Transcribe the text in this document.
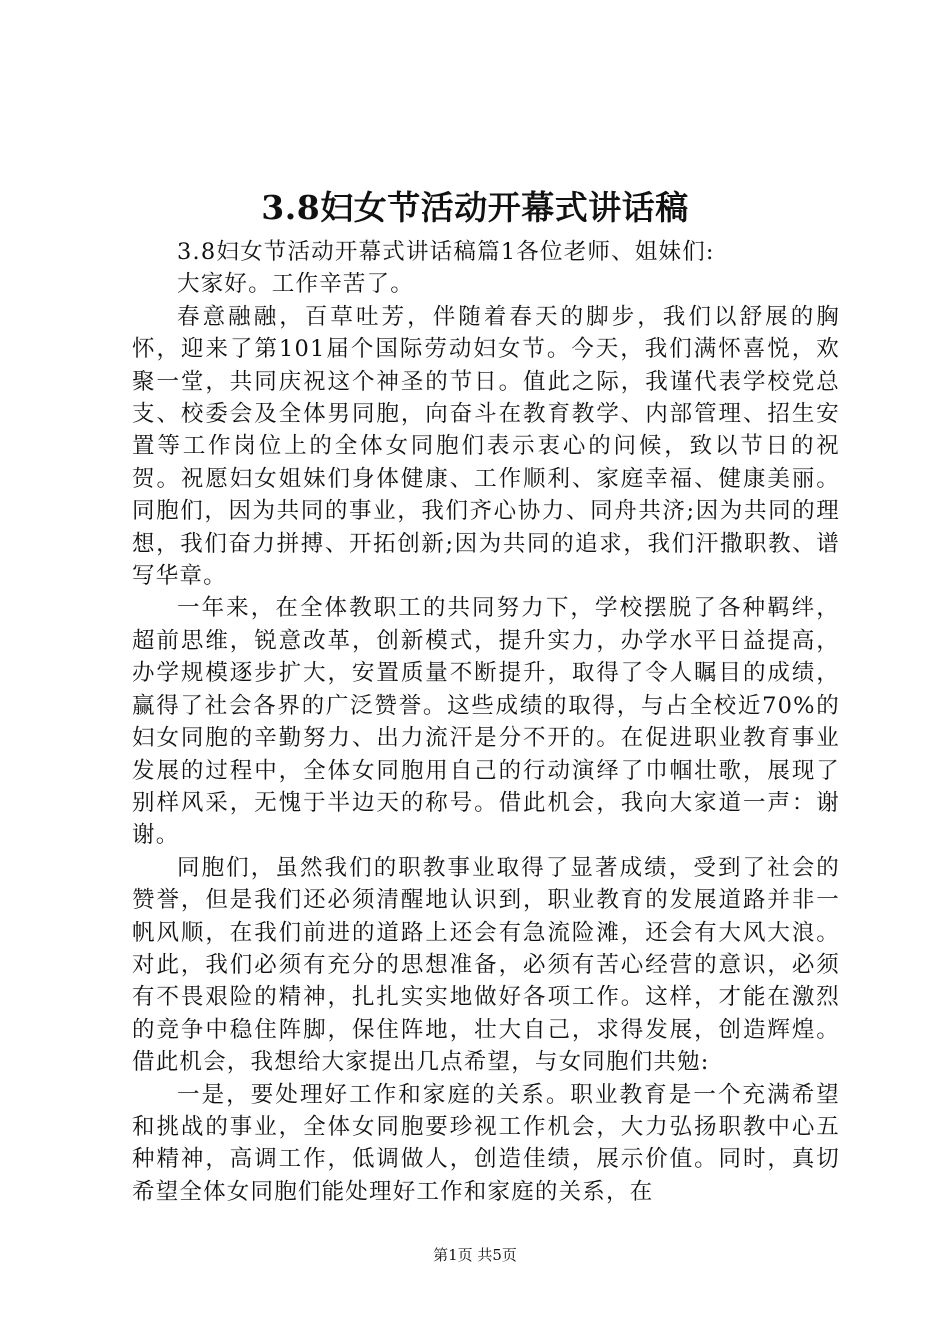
3.8妇女节活动开幕式讲话稿

3.8妇女节活动开幕式讲话稿篇1各位老师、姐妹们:

大家好。工作辛苦了。

春意融融，百草吐芳，伴随着春天的脚步，我们以舒展的胸怀，迎来了第101届个国际劳动妇女节。今天，我们满怀喜悦，欢聚一堂，共同庆祝这个神圣的节日。值此之际，我谨代表学校党总支、校委会及全体男同胞，向奋斗在教育教学、内部管理、招生安置等工作岗位上的全体女同胞们表示衷心的问候，致以节日的祝贺。祝愿妇女姐妹们身体健康、工作顺利、家庭幸福、健康美丽。同胞们，因为共同的事业，我们齐心协力、同舟共济;因为共同的理想，我们奋力拼搏、开拓创新;因为共同的追求，我们汗撒职教、谱写华章。

一年来，在全体教职工的共同努力下，学校摆脱了各种羁绊，超前思维，锐意改革，创新模式，提升实力，办学水平日益提高，办学规模逐步扩大，安置质量不断提升，取得了令人瞩目的成绩，赢得了社会各界的广泛赞誉。这些成绩的取得，与占全校近70%的妇女同胞的辛勤努力、出力流汗是分不开的。在促进职业教育事业发展的过程中，全体女同胞用自己的行动演绎了巾帼壮歌，展现了别样风采，无愧于半边天的称号。借此机会，我向大家道一声：谢谢。

同胞们，虽然我们的职教事业取得了显著成绩，受到了社会的赞誉，但是我们还必须清醒地认识到，职业教育的发展道路并非一帆风顺，在我们前进的道路上还会有急流险滩，还会有大风大浪。对此，我们必须有充分的思想准备，必须有苦心经营的意识，必须有不畏艰险的精神，扎扎实实地做好各项工作。这样，才能在激烈的竞争中稳住阵脚，保住阵地，壮大自己，求得发展，创造辉煌。借此机会，我想给大家提出几点希望，与女同胞们共勉:

一是，要处理好工作和家庭的关系。职业教育是一个充满希望和挑战的事业，全体女同胞要珍视工作机会，大力弘扬职教中心五种精神，高调工作，低调做人，创造佳绩，展示价值。同时，真切希望全体女同胞们能处理好工作和家庭的关系，在

第1页 共5页
